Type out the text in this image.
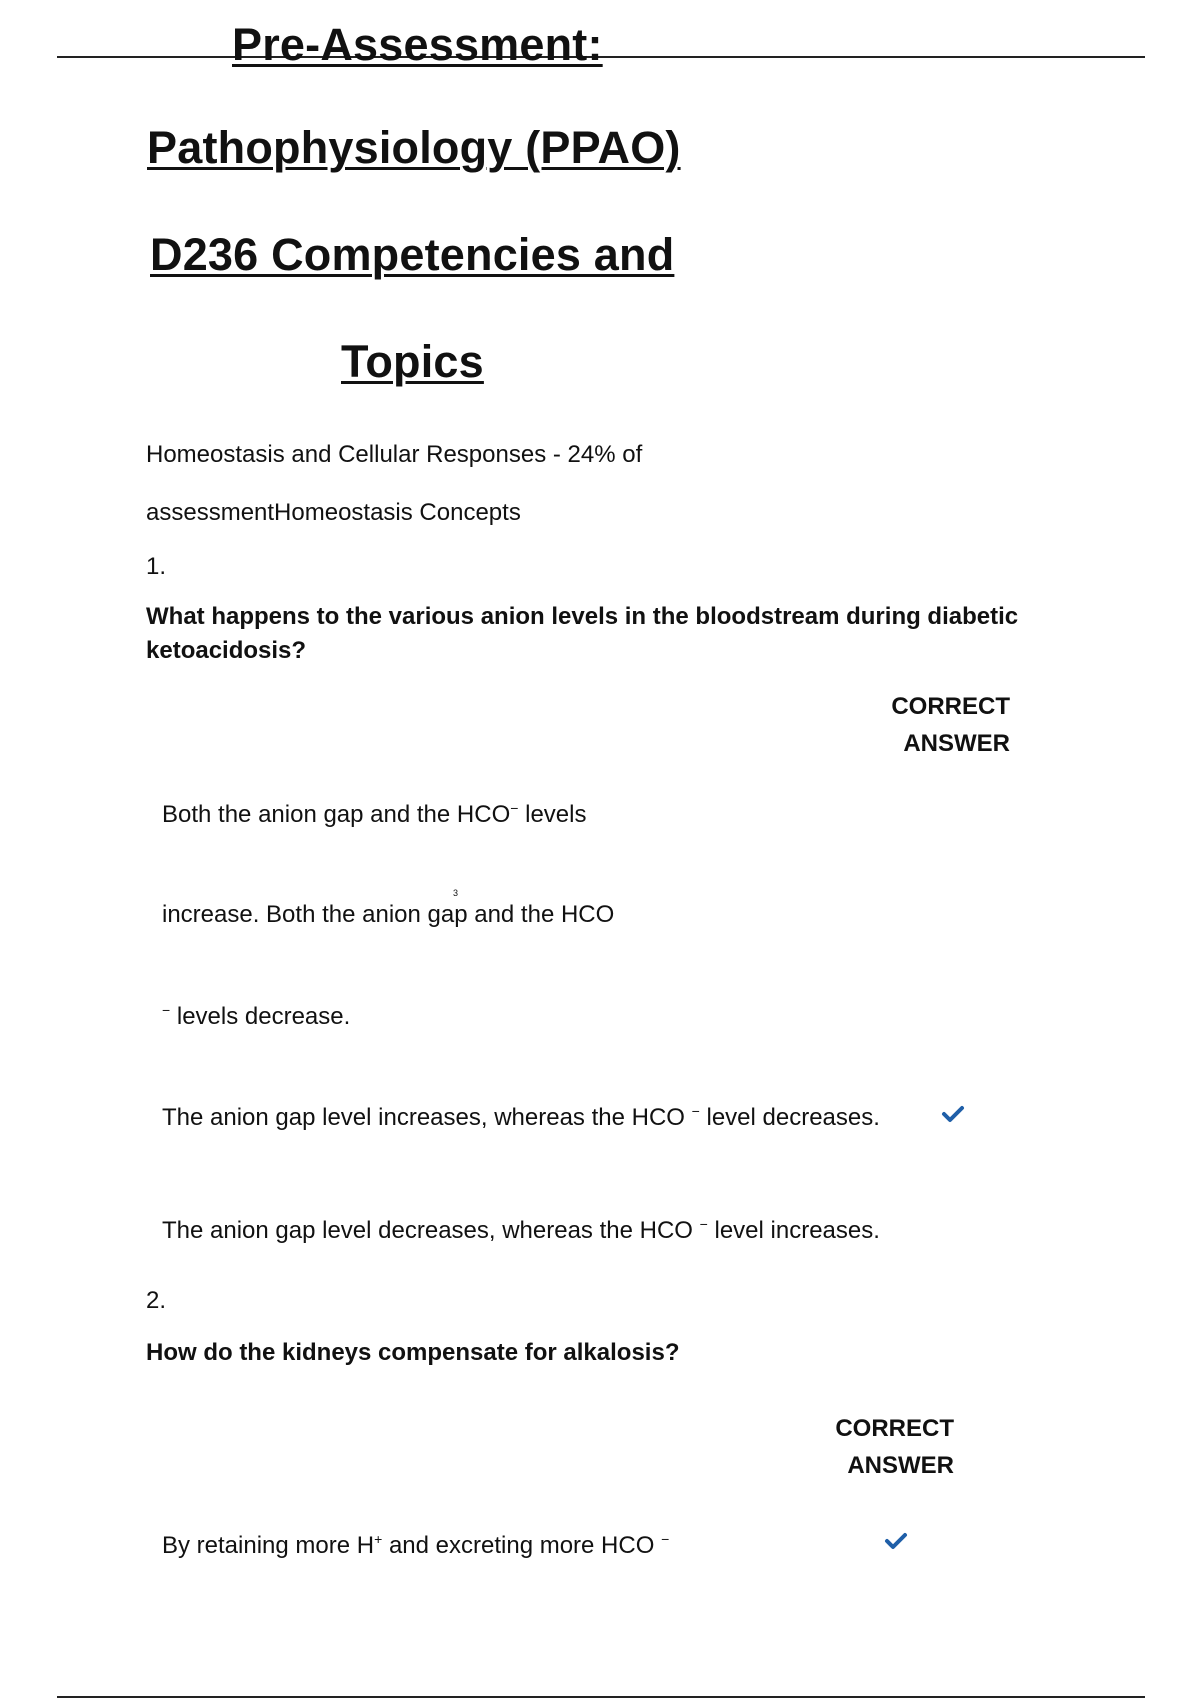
Pre-Assessment:
Pathophysiology (PPAO)
D236 Competencies and
Topics

Homeostasis and Cellular Responses - 24% of

assessmentHomeostasis Concepts

1.

What happens to the various anion levels in the bloodstream during diabetic ketoacidosis?

CORRECT ANSWER

Both the anion gap and the HCO− levels

3

increase. Both the anion gap and the HCO

− levels decrease.

The anion gap level increases, whereas the HCO − level decreases.

The anion gap level decreases, whereas the HCO − level increases.

2.

How do the kidneys compensate for alkalosis?

CORRECT ANSWER

By retaining more H+ and excreting more HCO −
